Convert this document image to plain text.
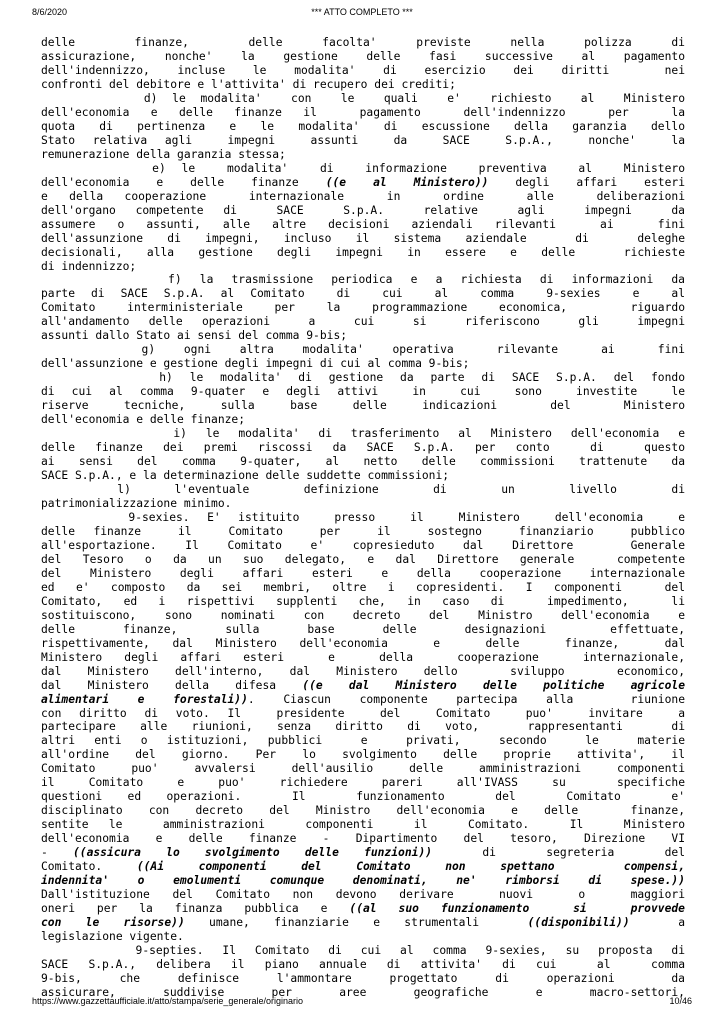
8/6/2020	*** ATTO COMPLETO ***
delle   finanze,   delle  facolta'  previste  nella  polizza  di
assicurazione, nonche' la gestione delle fasi successive al pagamento
dell'indennizzo, incluse le modalita' di esercizio dei diritti  nei
confronti del debitore e l'attivita' di recupero dei crediti;
d) le modalita'  con  le  quali  e'  richiesto  al  Ministero
dell'economia e delle finanze il  pagamento  dell'indennizzo  per  la
quota di pertinenza e le modalita' di escussione della garanzia dello
Stato relativa agli  impegni  assunti  da  SACE  S.p.A.,  nonche'  la
remunerazione della garanzia stessa;
e) le  modalita'  di  informazione  preventiva  al  Ministero
dell'economia e delle finanze ((e al Ministero)) degli affari esteri
e della cooperazione  internazionale  in  ordine  alle  deliberazioni
dell'organo competente di  SACE  S.p.A.  relative  agli  impegni  da
assumere o assunti, alle altre decisioni aziendali rilevanti  ai  fini
dell'assunzione di impegni, incluso il sistema aziendale  di  deleghe
decisionali, alla gestione degli impegni in essere e delle  richieste
di indennizzo;
f) la trasmissione periodica e a richiesta di informazioni da
parte di SACE S.p.A. al Comitato  di  cui  al  comma  9-sexies  e  al
Comitato interministeriale per la programmazione economica,  riguardo
all'andamento delle operazioni  a  cui  si  riferiscono  gli  impegni
assunti dallo Stato ai sensi del comma 9-bis;
g)  ogni  altra  modalita'  operativa   rilevante   ai   fini
dell'assunzione e gestione degli impegni di cui al comma 9-bis;
h) le modalita' di gestione da parte di SACE S.p.A. del fondo
di cui al comma 9-quater e degli attivi  in  cui  sono  investite  le
riserve  tecniche,  sulla  base  delle  indicazioni   del   Ministero
dell'economia e delle finanze;
i) le modalita' di trasferimento al Ministero dell'economia e
delle finanze dei premi riscossi da SACE S.p.A. per conto  di  questo
ai sensi del comma 9-quater, al netto delle commissioni trattenute da
SACE S.p.A., e la determinazione delle suddette commissioni;
l)    l'eventuale     definizione     di     un     livello     di
patrimonializzazione minimo.
9-sexies. E' istituito  presso  il  Ministero  dell'economia  e
delle finanze  il  Comitato  per  il  sostegno  finanziario  pubblico
all'esportazione. Il Comitato e' copresieduto dal Direttore  Generale
del Tesoro o da un suo delegato, e dal Direttore generale  competente
del Ministero degli affari esteri e della cooperazione internazionale
ed e' composto da sei membri, oltre i copresidenti. I componenti  del
Comitato, ed i rispettivi supplenti che, in caso di  impedimento,  li
sostituiscono, sono nominati con decreto del Ministro dell'economia e
delle   finanze,   sulla   base   delle   designazioni    effettuate,
rispettivamente, dal Ministero dell'economia  e  delle  finanze,  dal
Ministero degli affari esteri  e  della  cooperazione  internazionale,
dal Ministero dell'interno, dal Ministero dello  sviluppo  economico,
dal Ministero della difesa ((e dal Ministero delle politiche agricole
alimentari e forestali)). Ciascun componente partecipa alla  riunione
con diritto di voto. Il  presidente  del  Comitato  puo'  invitare  a
partecipare alle riunioni, senza diritto di voto,  rappresentanti  di
altri enti o istituzioni, pubblici  e  privati,  secondo  le  materie
all'ordine del giorno. Per lo svolgimento delle proprie attivita', il
Comitato puo' avvalersi dell'ausilio delle amministrazioni componenti
il  Comitato  e  puo'  richiedere  pareri  all'IVASS  su   specifiche
questioni  ed  operazioni.    Il    funzionamento    del    Comitato    e'
disciplinato con decreto del Ministro dell'economia e delle  finanze,
sentite le  amministrazioni  componenti  il  Comitato.  Il  Ministero
dell'economia e delle finanze - Dipartimento del tesoro, Direzione VI
- ((assicura lo svolgimento delle funzioni))  di  segreteria  del
Comitato.  ((Ai  componenti  del  Comitato  non  spettano    compensi,
indennita' o emolumenti comunque denominati, ne' rimborsi di spese.))
Dall'istituzione del Comitato non devono derivare  nuovi  o  maggiori
oneri per la finanza pubblica e ((al suo funzionamento  si  provvede
con le risorse)) umane, finanziarie e strumentali  ((disponibili))  a
legislazione vigente.
9-septies. Il Comitato di cui al comma 9-sexies, su proposta di
SACE S.p.A., delibera il piano annuale di attivita' di cui  al  comma
9-bis,  che  definisce  l'ammontare  progettato  di  operazioni   da
assicurare,   suddivise   per   aree   geografiche   e   macro-settori,
https://www.gazzettaufficiale.it/atto/stampa/serie_generale/originario	10/46
